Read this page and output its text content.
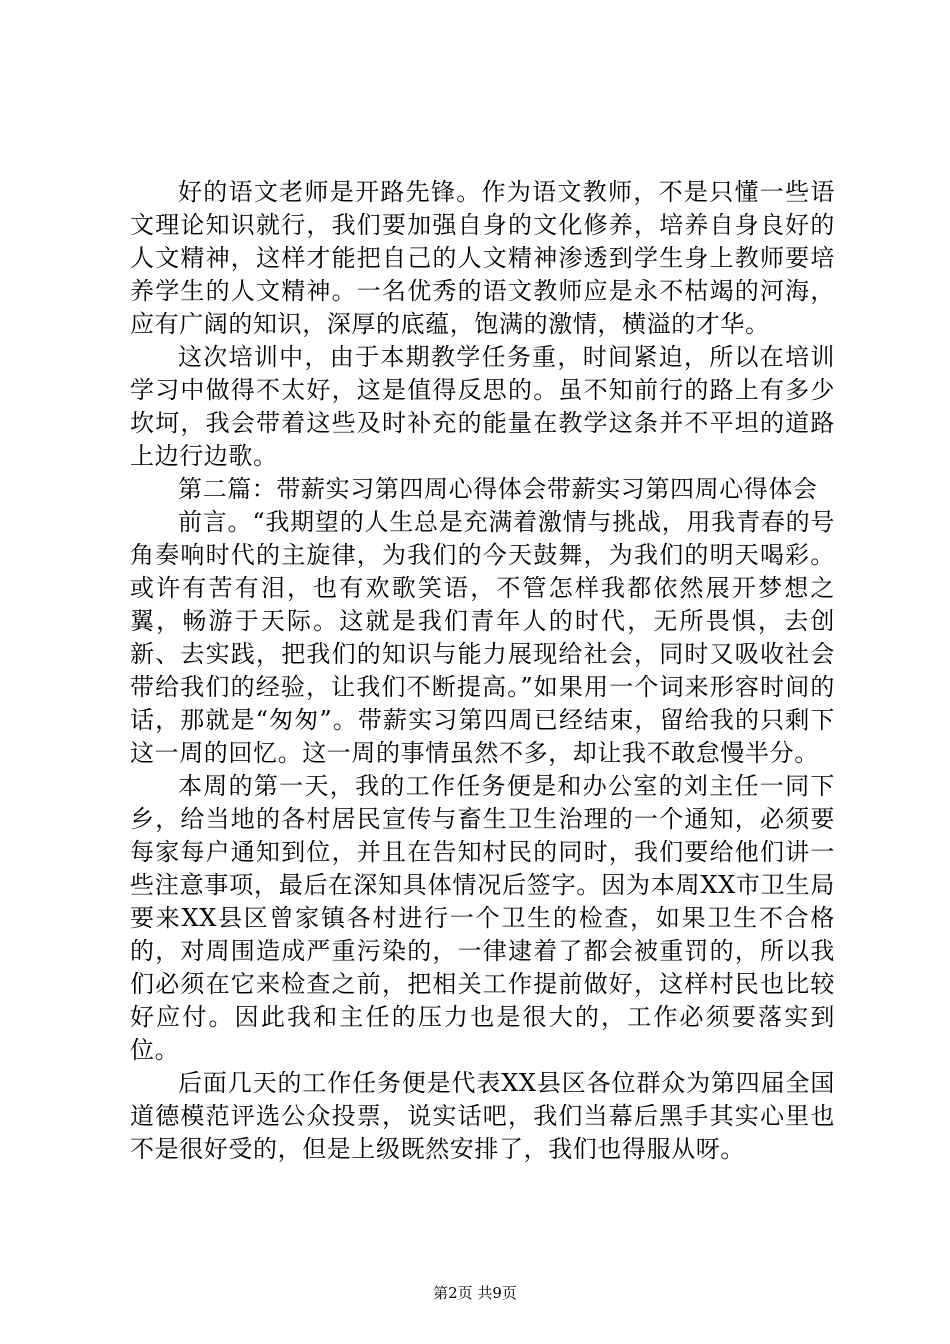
好的语文老师是开路先锋。作为语文教师，不是只懂一些语文理论知识就行，我们要加强自身的文化修养，培养自身良好的人文精神，这样才能把自己的人文精神渗透到学生身上教师要培养学生的人文精神。一名优秀的语文教师应是永不枯竭的河海，应有广阔的知识，深厚的底蕴，饱满的激情，横溢的才华。

这次培训中，由于本期教学任务重，时间紧迫，所以在培训学习中做得不太好，这是值得反思的。虽不知前行的路上有多少坎坷，我会带着这些及时补充的能量在教学这条并不平坦的道路上边行边歌。

第二篇：带薪实习第四周心得体会带薪实习第四周心得体会

前言。“我期望的人生总是充满着激情与挑战，用我青春的号角奏响时代的主旋律，为我们的今天鼓舞，为我们的明天喝彩。或许有苦有泪，也有欢歌笑语，不管怎样我都依然展开梦想之翼，畅游于天际。这就是我们青年人的时代，无所畏惧，去创新、去实践，把我们的知识与能力展现给社会，同时又吸收社会带给我们的经验，让我们不断提高。”如果用一个词来形容时间的话，那就是“匆匆”。带薪实习第四周已经结束，留给我的只剩下这一周的回忆。这一周的事情虽然不多，却让我不敢怠慢半分。

本周的第一天，我的工作任务便是和办公室的刘主任一同下乡，给当地的各村居民宣传与畜生卫生治理的一个通知，必须要每家每户通知到位，并且在告知村民的同时，我们要给他们讲一些注意事项，最后在深知具体情况后签字。因为本周XX市卫生局要来XX县区曾家镇各村进行一个卫生的检查，如果卫生不合格的，对周围造成严重污染的，一律逮着了都会被重罚的，所以我们必须在它来检查之前，把相关工作提前做好，这样村民也比较好应付。因此我和主任的压力也是很大的，工作必须要落实到位。

后面几天的工作任务便是代表XX县区各位群众为第四届全国道德模范评选公众投票，说实话吧，我们当幕后黑手其实心里也不是很好受的，但是上级既然安排了，我们也得服从呀。

第2页 共9页
